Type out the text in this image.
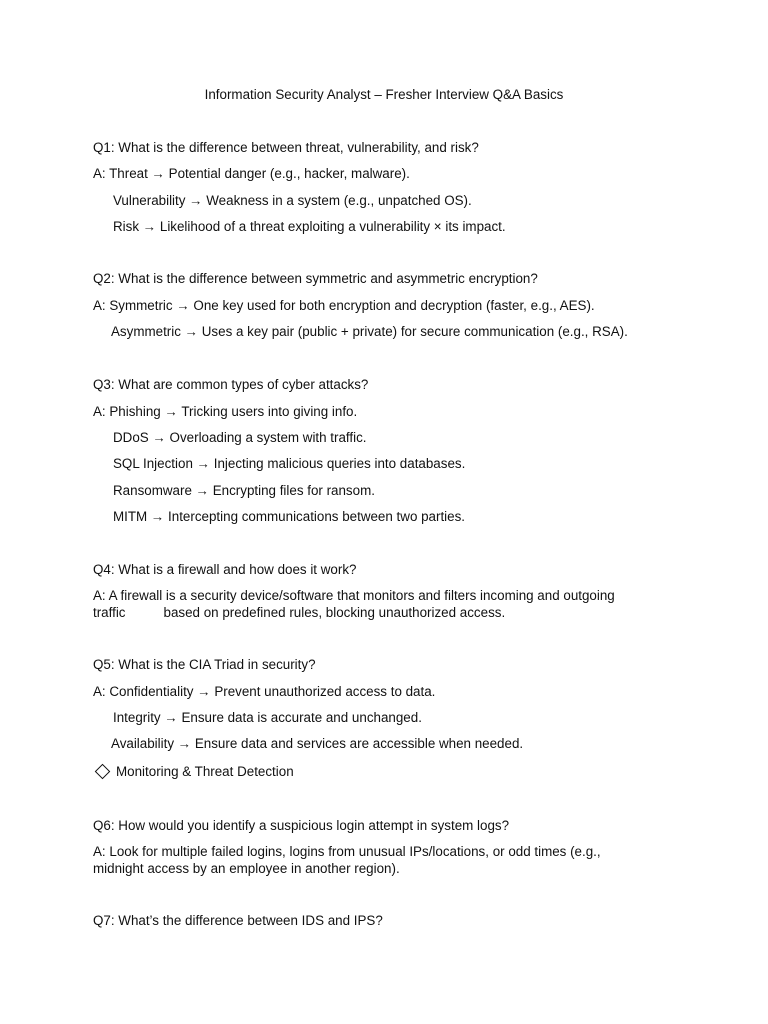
Information Security Analyst – Fresher Interview Q&A Basics
Q1: What is the difference between threat, vulnerability, and risk?
A: Threat → Potential danger (e.g., hacker, malware).
Vulnerability → Weakness in a system (e.g., unpatched OS).
Risk → Likelihood of a threat exploiting a vulnerability × its impact.
Q2: What is the difference between symmetric and asymmetric encryption?
A: Symmetric → One key used for both encryption and decryption (faster, e.g., AES).
Asymmetric → Uses a key pair (public + private) for secure communication (e.g., RSA).
Q3: What are common types of cyber attacks?
A: Phishing → Tricking users into giving info.
DDoS → Overloading a system with traffic.
SQL Injection → Injecting malicious queries into databases.
Ransomware → Encrypting files for ransom.
MITM → Intercepting communications between two parties.
Q4: What is a firewall and how does it work?
A: A firewall is a security device/software that monitors and filters incoming and outgoing
traffic	based on predefined rules, blocking unauthorized access.
Q5: What is the CIA Triad in security?
A: Confidentiality → Prevent unauthorized access to data.
Integrity → Ensure data is accurate and unchanged.
Availability → Ensure data and services are accessible when needed.
Monitoring & Threat Detection
Q6: How would you identify a suspicious login attempt in system logs?
A: Look for multiple failed logins, logins from unusual IPs/locations, or odd times (e.g., midnight access by an employee in another region).
Q7: What’s the difference between IDS and IPS?
